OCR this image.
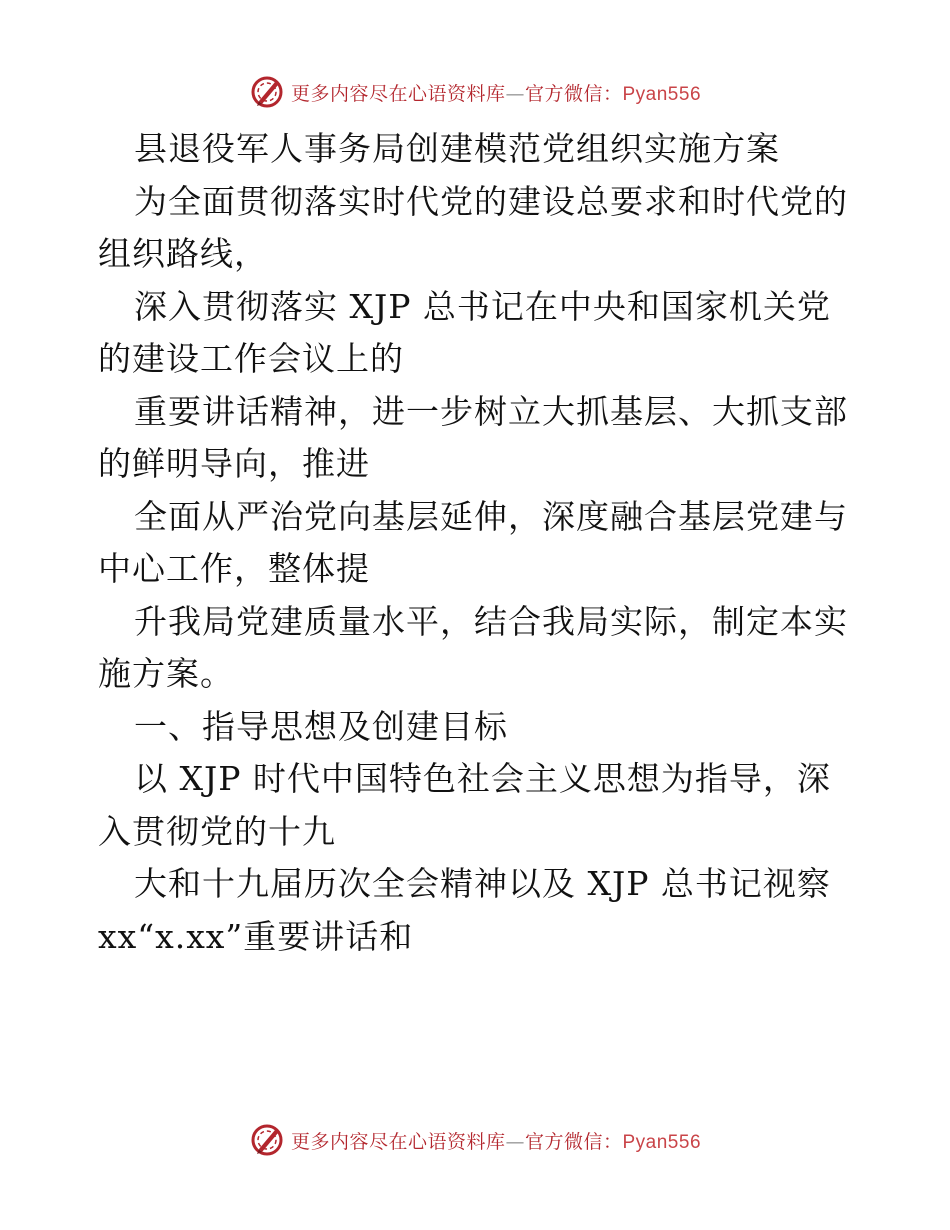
更多内容尽在心语资料库—官方微信：Pyan556
县退役军人事务局创建模范党组织实施方案
为全面贯彻落实时代党的建设总要求和时代党的
组织路线，
深入贯彻落实 XJP 总书记在中央和国家机关党
的建设工作会议上的
重要讲话精神，进一步树立大抓基层、大抓支部
的鲜明导向，推进
全面从严治党向基层延伸，深度融合基层党建与
中心工作，整体提
升我局党建质量水平，结合我局实际，制定本实
施方案。
一、指导思想及创建目标
以 XJP 时代中国特色社会主义思想为指导，深
入贯彻党的十九
大和十九届历次全会精神以及 XJP 总书记视察
xx“x.xx”重要讲话和
更多内容尽在心语资料库—官方微信：Pyan556
